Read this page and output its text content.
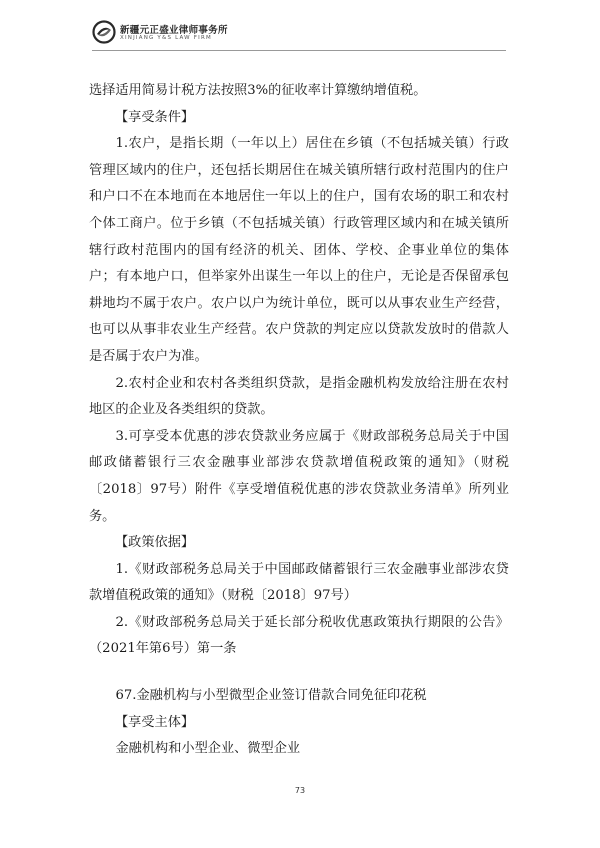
新疆元正盛业律师事务所
XINJIANG Y&S LAW FIRM

选择适用简易计税方法按照3%的征收率计算缴纳增值税。

【享受条件】

1.农户，是指长期（一年以上）居住在乡镇（不包括城关镇）行政管理区域内的住户，还包括长期居住在城关镇所辖行政村范围内的住户和户口不在本地而在本地居住一年以上的住户，国有农场的职工和农村个体工商户。位于乡镇（不包括城关镇）行政管理区域内和在城关镇所辖行政村范围内的国有经济的机关、团体、学校、企事业单位的集体户；有本地户口，但举家外出谋生一年以上的住户，无论是否保留承包耕地均不属于农户。农户以户为统计单位，既可以从事农业生产经营，也可以从事非农业生产经营。农户贷款的判定应以贷款发放时的借款人是否属于农户为准。

2.农村企业和农村各类组织贷款，是指金融机构发放给注册在农村地区的企业及各类组织的贷款。

3.可享受本优惠的涉农贷款业务应属于《财政部税务总局关于中国邮政储蓄银行三农金融事业部涉农贷款增值税政策的通知》（财税〔2018〕97号）附件《享受增值税优惠的涉农贷款业务清单》所列业务。

【政策依据】

1.《财政部税务总局关于中国邮政储蓄银行三农金融事业部涉农贷款增值税政策的通知》（财税〔2018〕97号）

2.《财政部税务总局关于延长部分税收优惠政策执行期限的公告》（2021年第6号）第一条

67.金融机构与小型微型企业签订借款合同免征印花税

【享受主体】

金融机构和小型企业、微型企业

73
